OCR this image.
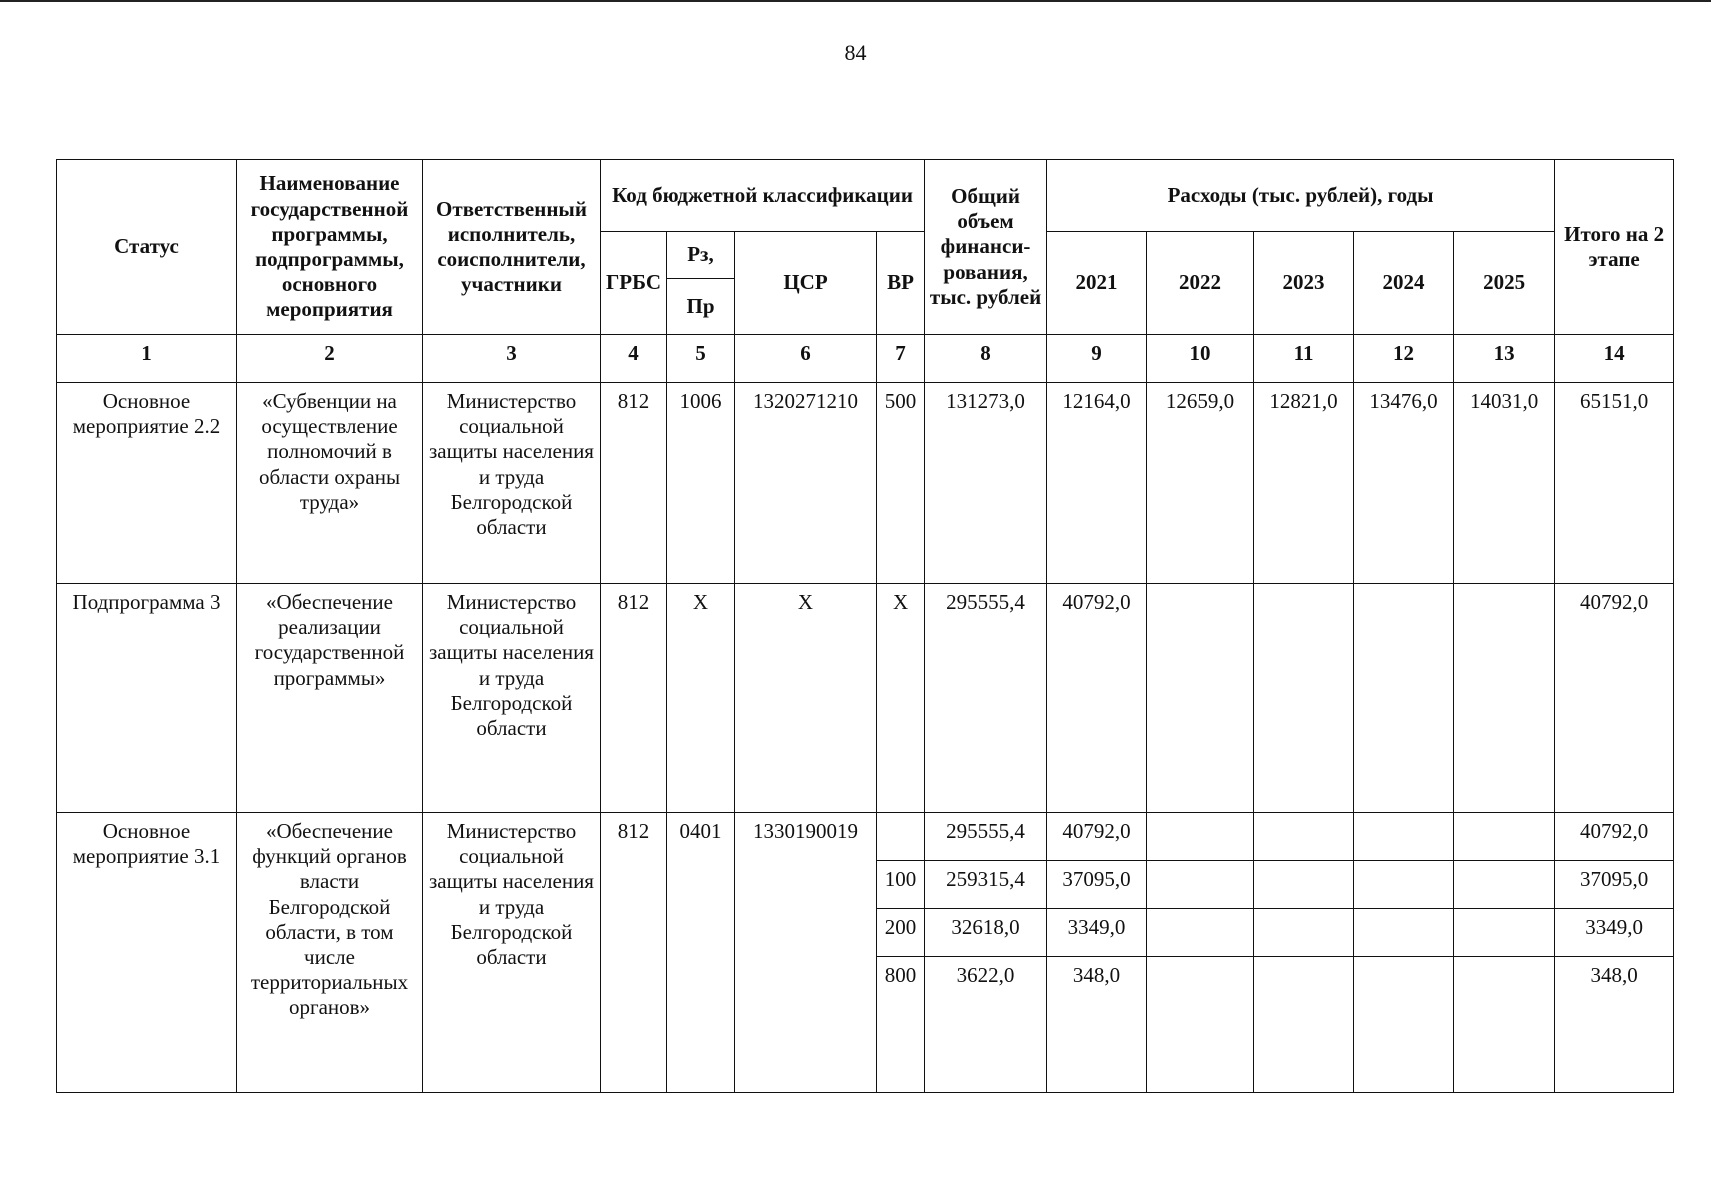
84
Статус	Наименование государственной программы, подпрограммы, основного мероприятия	Ответственный исполнитель, соисполнители, участники	Код бюджетной классификации				Общий объем финанси-рования, тыс. рублей	Расходы (тыс. рублей), годы					Итого на 2 этапе
			ГРБС	Рз,	ЦСР	ВР		2021	2022	2023	2024	2025	
				Пр									
1	2	3	4	5	6	7	8	9	10	11	12	13	14
Основное мероприятие 2.2	«Субвенции на осуществление полномочий в области охраны труда»	Министерство социальной защиты населения и труда Белгородской области	812	1006	1320271210	500	131273,0	12164,0	12659,0	12821,0	13476,0	14031,0	65151,0
Подпрограмма 3	«Обеспечение реализации государственной программы»	Министерство социальной защиты населения и труда Белгородской области	812	Х	Х	Х	295555,4	40792,0					40792,0
Основное мероприятие 3.1	«Обеспечение функций органов власти Белгородской области, в том числе территориальных органов»	Министерство социальной защиты населения и труда Белгородской области	812	0401	1330190019		295555,4	40792,0					40792,0
						100	259315,4	37095,0					37095,0
						200	32618,0	3349,0					3349,0
						800	3622,0	348,0					348,0
